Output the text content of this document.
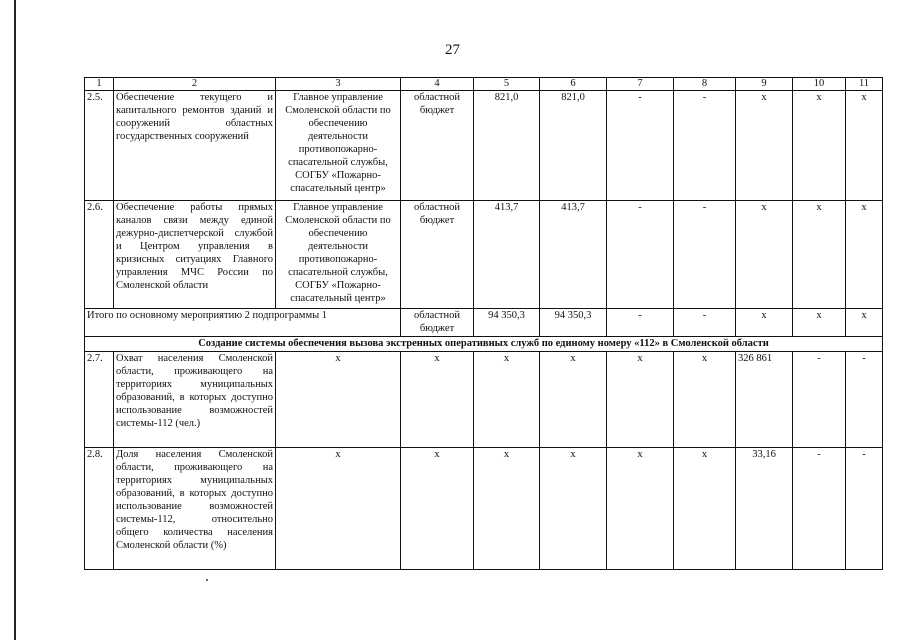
27
1	2	3	4	5	6	7	8	9	10	11
2.5.	Обеспечение текущего и капитального ремонтов зданий и сооружений областных государственных сооружений	Главное управление Смоленской области по обеспечению деятельности противопожарно-спасательной службы, СОГБУ «Пожарно-спасательный центр»	областной бюджет	821,0	821,0	-	-	х	х	х
2.6.	Обеспечение работы прямых каналов связи между единой дежурно-диспетчерской службой и Центром управления в кризисных ситуациях Главного управления МЧС России по Смоленской области	Главное управление Смоленской области по обеспечению деятельности противопожарно-спасательной службы, СОГБУ «Пожарно-спасательный центр»	областной бюджет	413,7	413,7	-	-	х	х	х
Итого по основному мероприятию 2 подпрограммы 1			областной бюджет	94 350,3	94 350,3	-	-	х	х	х
Создание системы обеспечения вызова экстренных оперативных служб по единому номеру «112» в Смоленской области										
2.7.	Охват населения Смоленской области, проживающего на территориях муниципальных образований, в которых доступно использование возможностей системы-112 (чел.)	х	х	х	х	х	х	326 861	-	-
2.8.	Доля населения Смоленской области, проживающего на территориях муниципальных образований, в которых доступно использование возможностей системы-112, относительно общего количества населения Смоленской области (%)	х	х	х	х	х	х	33,16	-	-
